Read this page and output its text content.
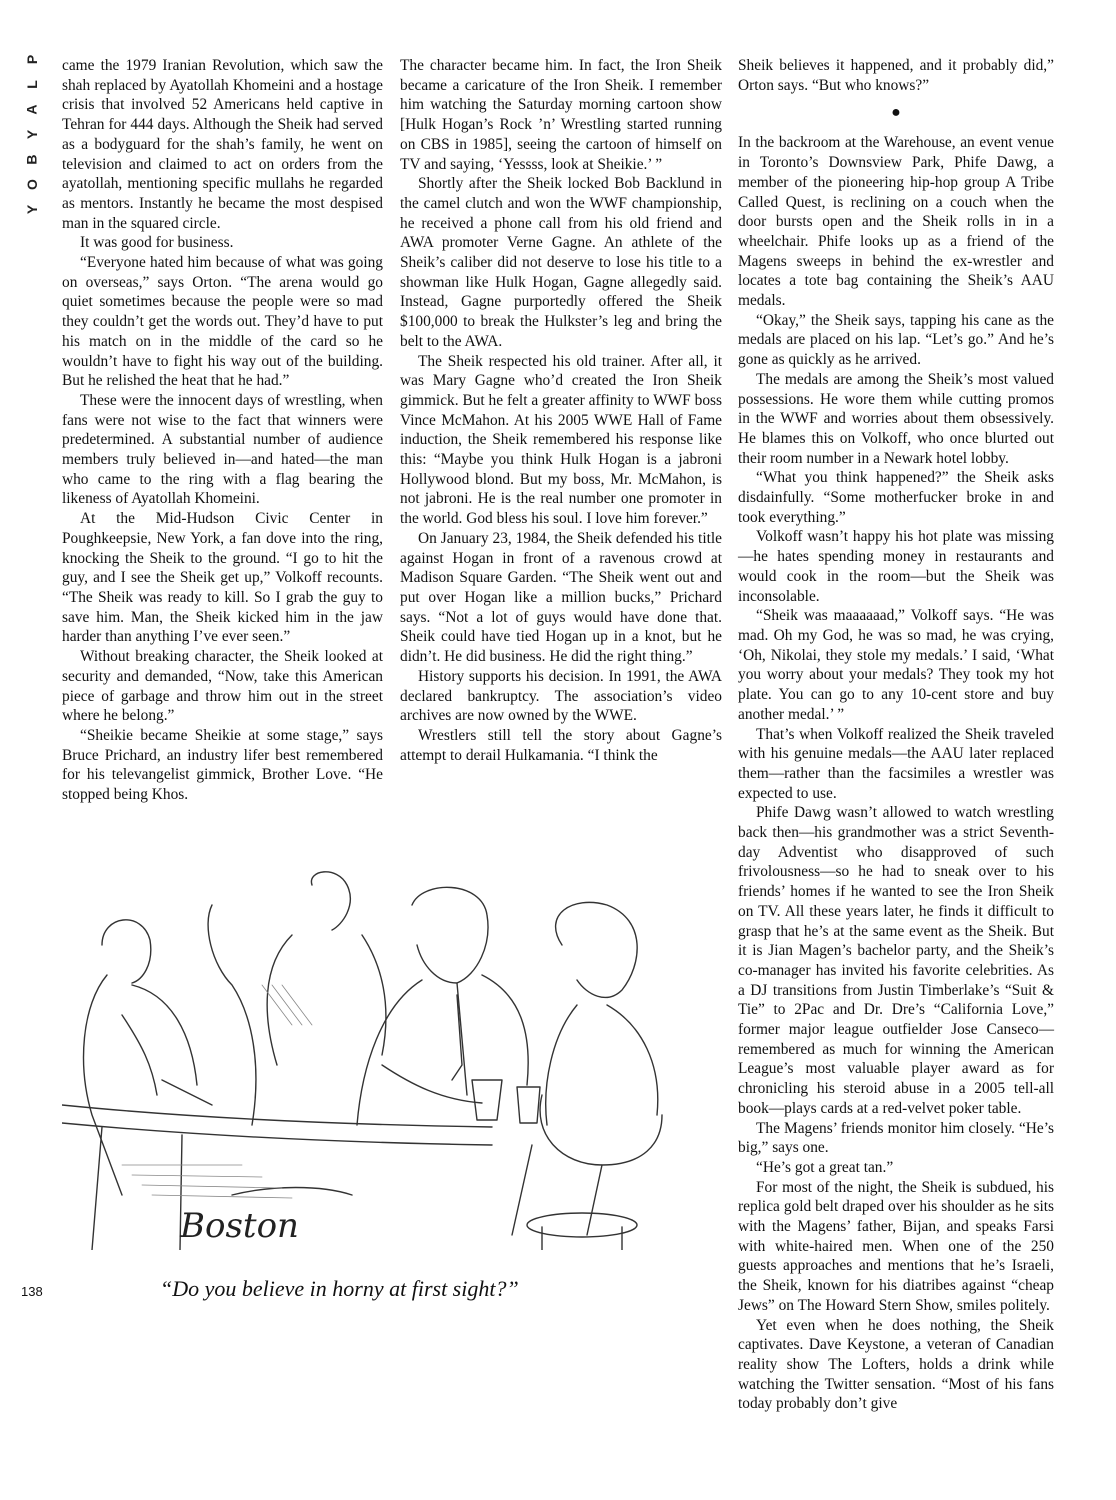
P
L
A
Y
B
O
Y

came the 1979 Iranian Revolution, which saw the shah replaced by Ayatollah Khomeini and a hostage crisis that involved 52 Americans held captive in Tehran for 444 days. Although the Sheik had served as a bodyguard for the shah’s family, he went on television and claimed to act on orders from the ayatollah, mentioning specific mullahs he regarded as mentors. Instantly he became the most despised man in the squared circle.

It was good for business.

“Everyone hated him because of what was going on overseas,” says Orton. “The arena would go quiet sometimes because the people were so mad they couldn’t get the words out. They’d have to put his match on in the middle of the card so he wouldn’t have to fight his way out of the building. But he relished the heat that he had.”

These were the innocent days of wrestling, when fans were not wise to the fact that winners were predetermined. A substantial number of audience members truly believed in—and hated—the man who came to the ring with a flag bearing the likeness of Ayatollah Khomeini.

At the Mid-Hudson Civic Center in Poughkeepsie, New York, a fan dove into the ring, knocking the Sheik to the ground. “I go to hit the guy, and I see the Sheik get up,” Volkoff recounts. “The Sheik was ready to kill. So I grab the guy to save him. Man, the Sheik kicked him in the jaw harder than anything I’ve ever seen.”

Without breaking character, the Sheik looked at security and demanded, “Now, take this American piece of garbage and throw him out in the street where he belong.”

“Sheikie became Sheikie at some stage,” says Bruce Prichard, an industry lifer best remembered for his televangelist gimmick, Brother Love. “He stopped being Khos.

The character became him. In fact, the Iron Sheik became a caricature of the Iron Sheik. I remember him watching the Saturday morning cartoon show [Hulk Hogan’s Rock ’n’ Wrestling started running on CBS in 1985], seeing the cartoon of himself on TV and saying, ‘Yessss, look at Sheikie.’ ”

Shortly after the Sheik locked Bob Backlund in the camel clutch and won the WWF championship, he received a phone call from his old friend and AWA promoter Verne Gagne. An athlete of the Sheik’s caliber did not deserve to lose his title to a showman like Hulk Hogan, Gagne allegedly said. Instead, Gagne purportedly offered the Sheik $100,000 to break the Hulkster’s leg and bring the belt to the AWA.

The Sheik respected his old trainer. After all, it was Mary Gagne who’d created the Iron Sheik gimmick. But he felt a greater affinity to WWF boss Vince McMahon. At his 2005 WWE Hall of Fame induction, the Sheik remembered his response like this: “Maybe you think Hulk Hogan is a jabroni Hollywood blond. But my boss, Mr. McMahon, is not jabroni. He is the real number one promoter in the world. God bless his soul. I love him forever.”

On January 23, 1984, the Sheik defended his title against Hogan in front of a ravenous crowd at Madison Square Garden. “The Sheik went out and put over Hogan like a million bucks,” Prichard says. “Not a lot of guys would have done that. Sheik could have tied Hogan up in a knot, but he didn’t. He did business. He did the right thing.”

History supports his decision. In 1991, the AWA declared bankruptcy. The association’s video archives are now owned by the WWE.

Wrestlers still tell the story about Gagne’s attempt to derail Hulkamania. “I think the

Sheik believes it happened, and it probably did,” Orton says. “But who knows?”

●

In the backroom at the Warehouse, an event venue in Toronto’s Downsview Park, Phife Dawg, a member of the pioneering hip-hop group A Tribe Called Quest, is reclining on a couch when the door bursts open and the Sheik rolls in in a wheelchair. Phife looks up as a friend of the Magens sweeps in behind the ex-wrestler and locates a tote bag containing the Sheik’s AAU medals.

“Okay,” the Sheik says, tapping his cane as the medals are placed on his lap. “Let’s go.” And he’s gone as quickly as he arrived.

The medals are among the Sheik’s most valued possessions. He wore them while cutting promos in the WWF and worries about them obsessively. He blames this on Volkoff, who once blurted out their room number in a Newark hotel lobby.

“What you think happened?” the Sheik asks disdainfully. “Some motherfucker broke in and took everything.”

Volkoff wasn’t happy his hot plate was missing—he hates spending money in restaurants and would cook in the room—but the Sheik was inconsolable.

“Sheik was maaaaaad,” Volkoff says. “He was mad. Oh my God, he was so mad, he was crying, ‘Oh, Nikolai, they stole my medals.’ I said, ‘What you worry about your medals? They took my hot plate. You can go to any 10-cent store and buy another medal.’ ”

That’s when Volkoff realized the Sheik traveled with his genuine medals—the AAU later replaced them—rather than the facsimiles a wrestler was expected to use.

Phife Dawg wasn’t allowed to watch wrestling back then—his grandmother was a strict Seventh-day Adventist who disapproved of such frivolousness—so he had to sneak over to his friends’ homes if he wanted to see the Iron Sheik on TV. All these years later, he finds it difficult to grasp that he’s at the same event as the Sheik. But it is Jian Magen’s bachelor party, and the Sheik’s co-manager has invited his favorite celebrities. As a DJ transitions from Justin Timberlake’s “Suit & Tie” to 2Pac and Dr. Dre’s “California Love,” former major league outfielder Jose Canseco—remembered as much for winning the American League’s most valuable player award as for chronicling his steroid abuse in a 2005 tell-all book—plays cards at a red-velvet poker table.

The Magens’ friends monitor him closely. “He’s big,” says one.

“He’s got a great tan.”

For most of the night, the Sheik is subdued, his replica gold belt draped over his shoulder as he sits with the Magens’ father, Bijan, and speaks Farsi with white-haired men. When one of the 250 guests approaches and mentions that he’s Israeli, the Sheik, known for his diatribes against “cheap Jews” on The Howard Stern Show, smiles politely.

Yet even when he does nothing, the Sheik captivates. Dave Keystone, a veteran of Canadian reality show The Lofters, holds a drink while watching the Twitter sensation. “Most of his fans today probably don’t give

Boston
“Do you believe in horny at first sight?”
138
